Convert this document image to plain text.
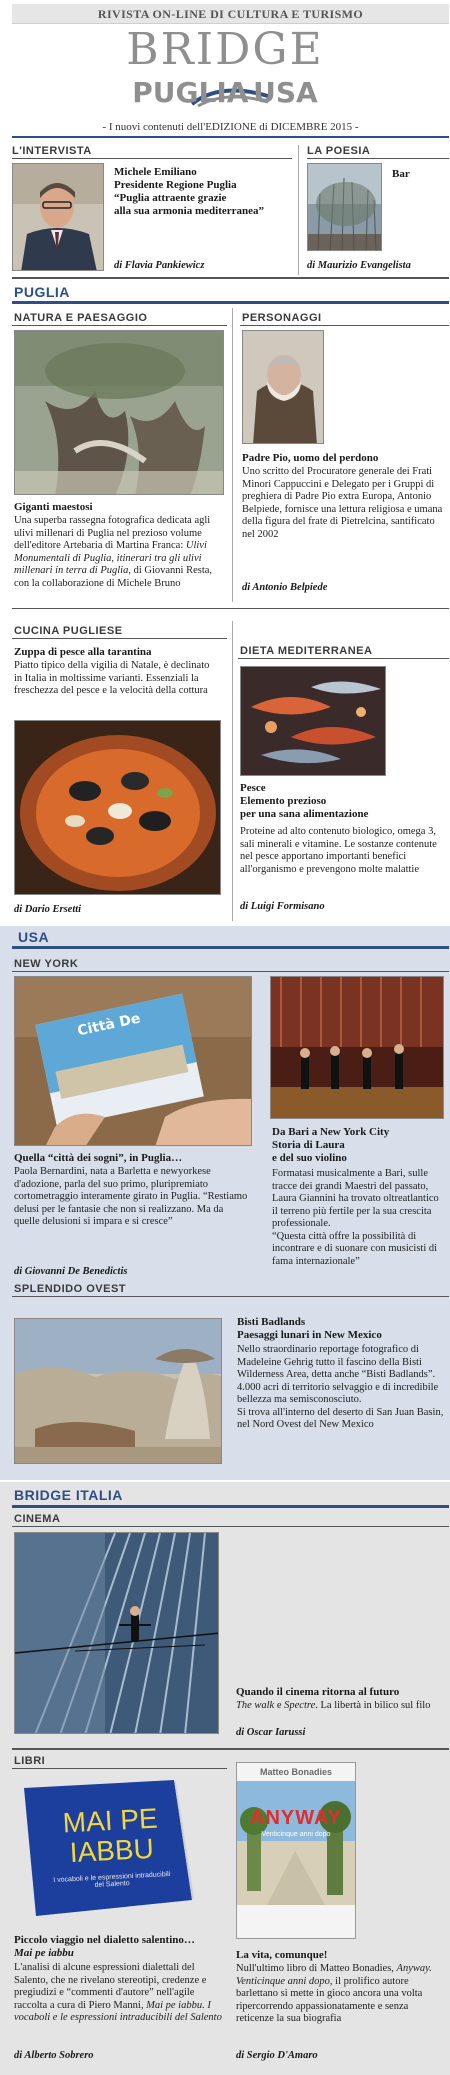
RIVISTA ON-LINE DI CULTURA E TURISMO
BRIDGE
PUGLIA USA
- I nuovi contenuti dell'EDIZIONE di DICEMBRE 2015 -
L'INTERVISTA
Michele Emiliano
Presidente Regione Puglia
“Puglia attraente grazie
alla sua armonia mediterranea”
di Flavia Pankiewicz
LA POESIA
Bar
di Maurizio Evangelista
PUGLIA
NATURA E PAESAGGIO
Giganti maestosi
Una superba rassegna fotografica dedicata agli ulivi millenari di Puglia nel prezioso volume dell'editore Artebaria di Martina Franca: Ulivi Monumentali di Puglia, itinerari tra gli ulivi millenari in terra di Puglia, di Giovanni Resta, con la collaborazione di Michele Bruno
PERSONAGGI
Padre Pio, uomo del perdono
Uno scritto del Procuratore generale dei Frati Minori Cappuccini e Delegato per i Gruppi di preghiera di Padre Pio extra Europa, Antonio Belpiede, fornisce una lettura religiosa e umana della figura del frate di Pietrelcina, santificato nel 2002
di Antonio Belpiede
CUCINA PUGLIESE
Zuppa di pesce alla tarantina
Piatto tipico della vigilia di Natale, è declinato in Italia in moltissime varianti. Essenziali la freschezza del pesce e la velocità della cottura
di Dario Ersetti
DIETA MEDITERRANEA
Pesce
Elemento prezioso
per una sana alimentazione
Proteine ad alto contenuto biologico, omega 3, sali minerali e vitamine. Le sostanze contenute nel pesce apportano importanti benefici all'organismo e prevengono molte malattie
di Luigi Formisano
USA
NEW YORK
Città De
Quella “città dei sogni”, in Puglia…
Paola Bernardini, nata a Barletta e newyorkese d'adozione, parla del suo primo, pluripremiato cortometraggio interamente girato in Puglia. “Restiamo delusi per le fantasie che non si realizzano. Ma da quelle delusioni si impara e si cresce”
di Giovanni De Benedictis
Da Bari a New York City
Storia di Laura
e del suo violino
Formatasi musicalmente a Bari, sulle tracce dei grandi Maestri del passato, Laura Giannini ha trovato oltreatlantico il terreno più fertile per la sua crescita professionale.
“Questa città offre la possibilità di incontrare e di suonare con musicisti di fama internazionale”
SPLENDIDO OVEST
Bisti Badlands
Paesaggi lunari in New Mexico
Nello straordinario reportage fotografico di Madeleine Gehrig tutto il fascino della Bisti Wilderness Area, detta anche “Bisti Badlands”. 4.000 acri di territorio selvaggio e di incredibile bellezza ma semisconosciuto.
Si trova all'interno del deserto di San Juan Basin, nel Nord Ovest del New Mexico
BRIDGE ITALIA
CINEMA
Quando il cinema ritorna al futuro
The walk e Spectre. La libertà in bilico sul filo
di Oscar Iarussi
LIBRI
MAI PE
IABBU
I vocaboli e le espressioni intraducibili del Salento
Matteo Bonadies
ANYWAY
Venticinque anni dopo
Piccolo viaggio nel dialetto salentino…
Mai pe iabbu
L'analisi di alcune espressioni dialettali del Salento, che ne rivelano stereotipi, credenze e pregiudizi e “commenti d'autore” nell'agile raccolta a cura di Piero Manni, Mai pe iabbu. I vocaboli e le espressioni intraducibili del Salento
di Alberto Sobrero
La vita, comunque!
Null'ultimo libro di Matteo Bonadies, Anyway. Venticinque anni dopo, il prolifico autore barlettano si mette in gioco ancora una volta ripercorrendo appassionatamente e senza reticenze la sua biografia
di Sergio D'Amaro
